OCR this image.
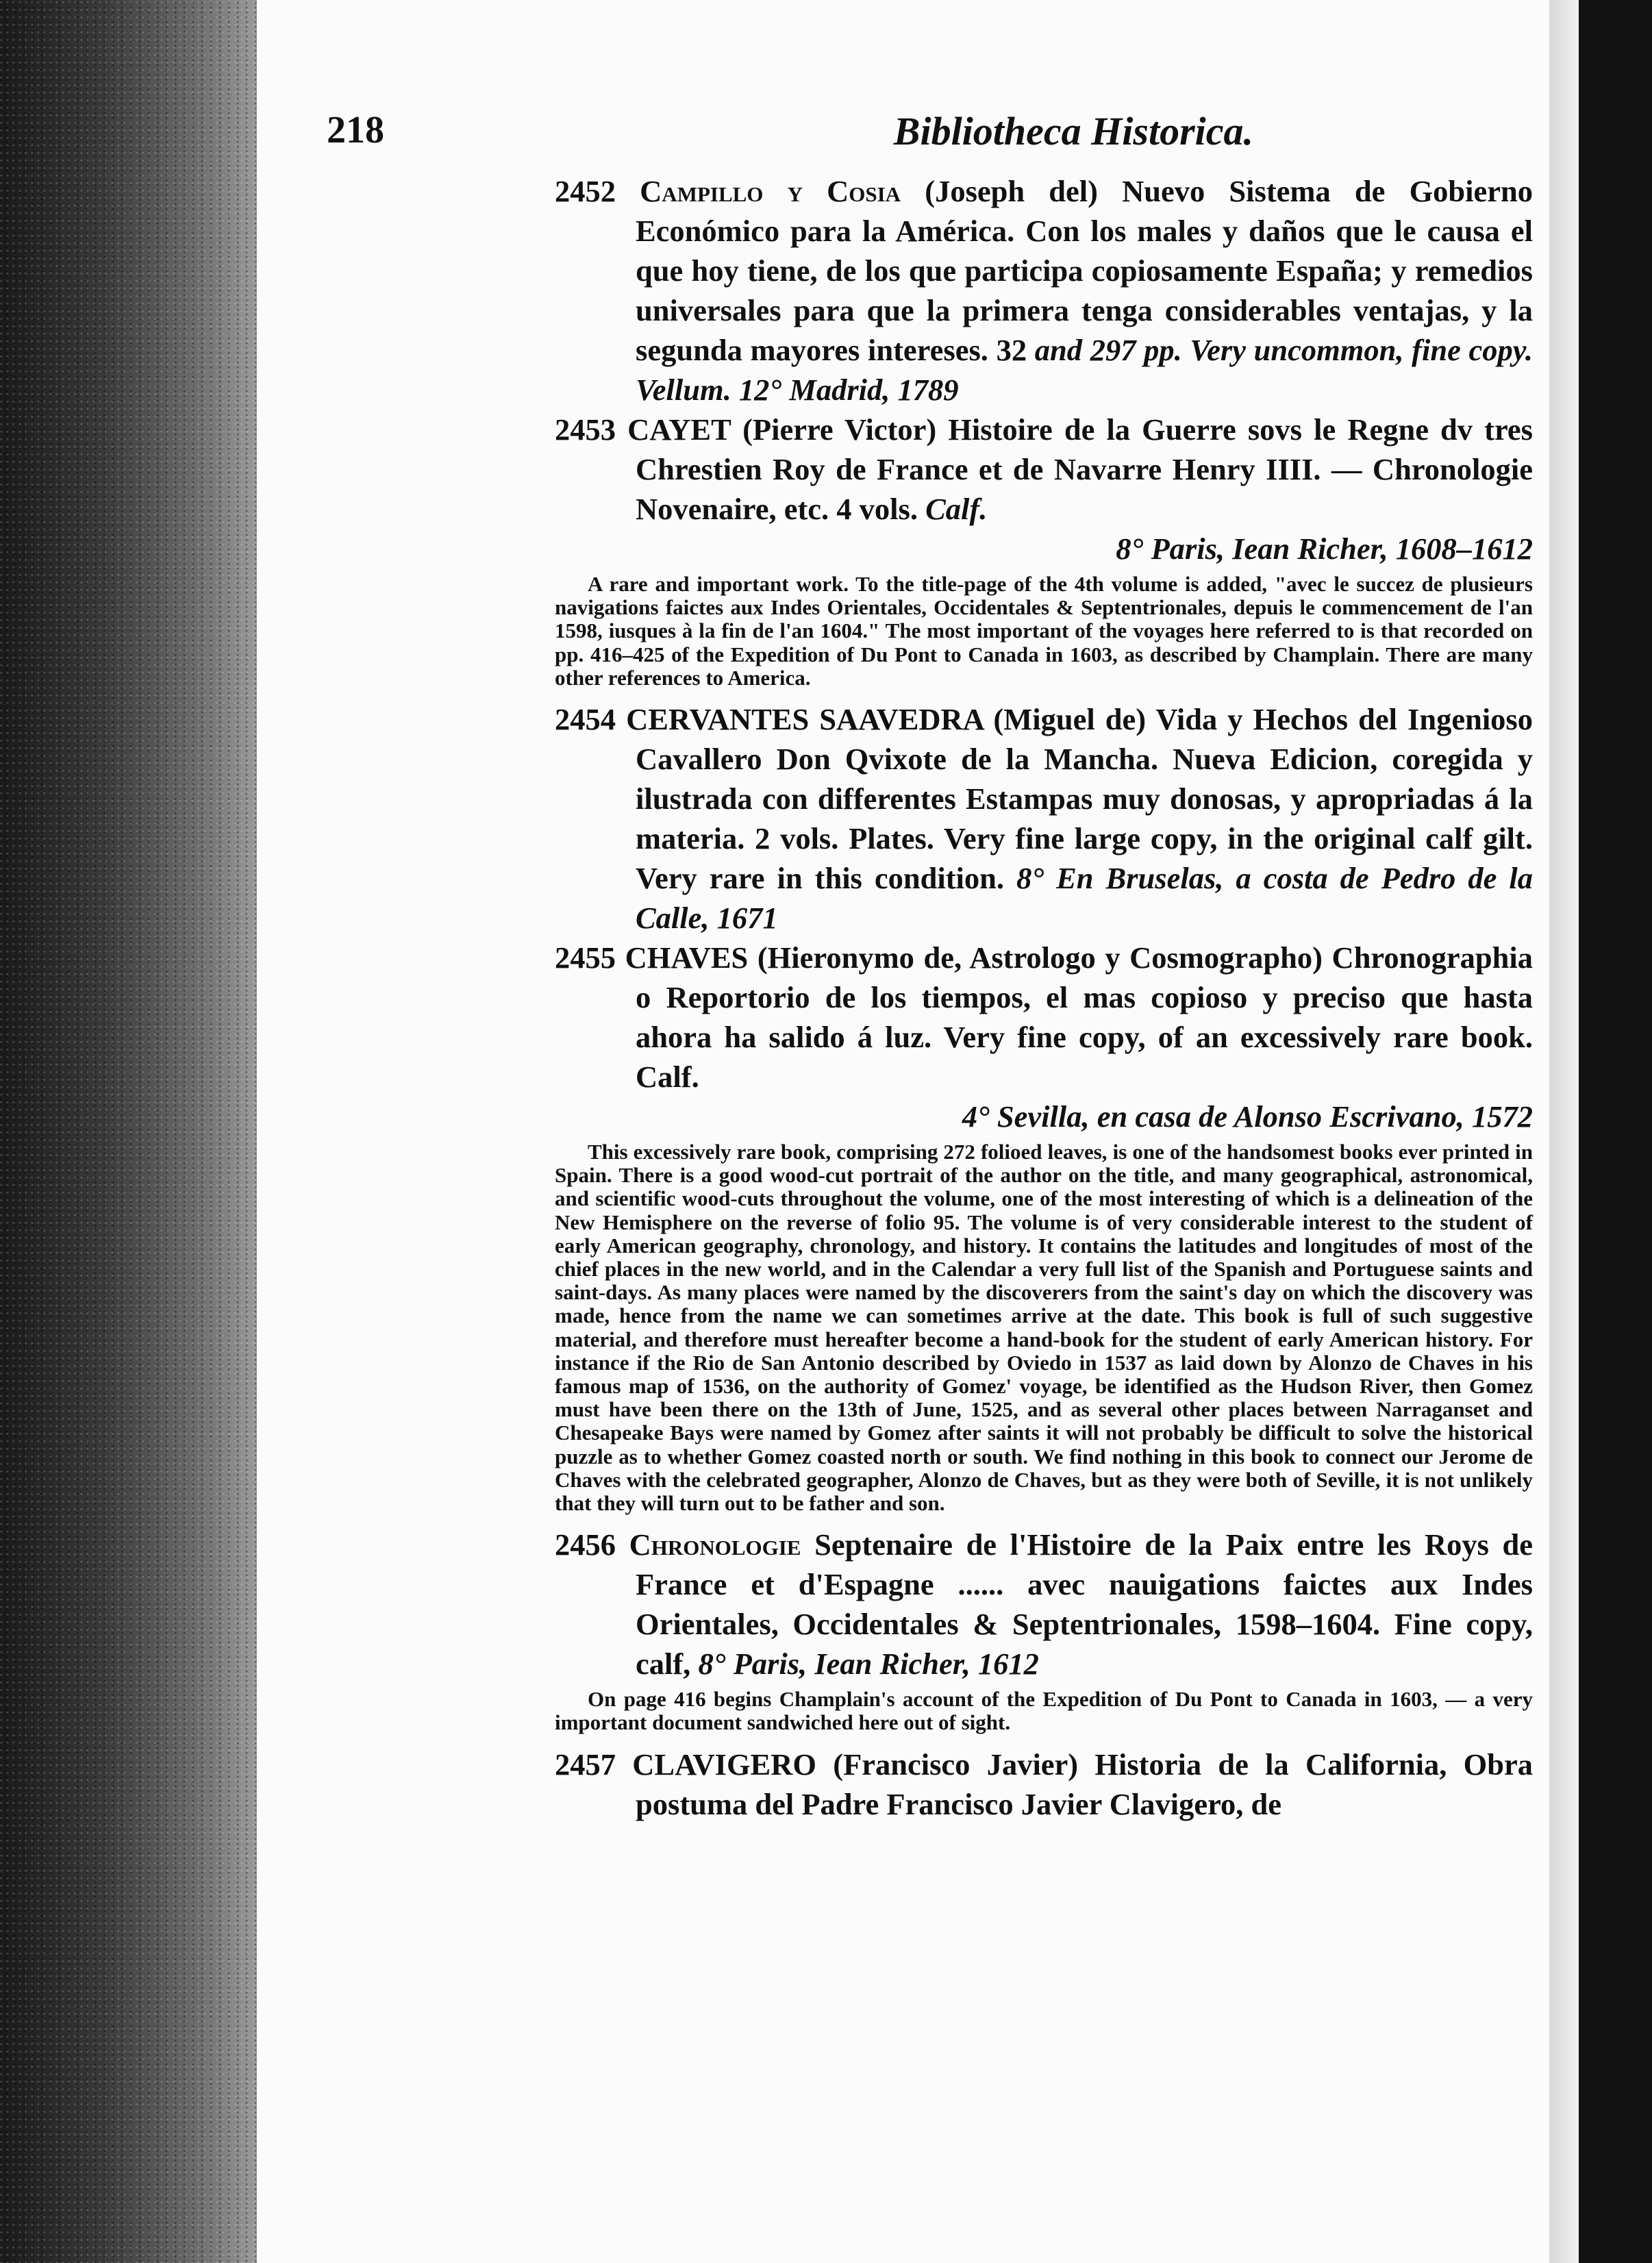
2
2
2
218	Bibliotheca Historica.

2452 Campillo y Cosia (Joseph del) Nuevo Sistema de Gobierno Económico para la América. Con los males y daños que le causa el que hoy tiene, de los que participa copiosamente España; y remedios universales para que la primera tenga considerables ventajas, y la segunda mayores intereses. 32 and 297 pp. Very uncommon, fine copy. Vellum. 12° Madrid, 1789

2453 CAYET (Pierre Victor) Histoire de la Guerre sovs le Regne dv tres Chrestien Roy de France et de Navarre Henry IIII. — Chronologie Novenaire, etc. 4 vols. Calf.

8° Paris, Iean Richer, 1608–1612
A rare and important work. To the title-page of the 4th volume is added, "avec le succez de plusieurs navigations faictes aux Indes Orientales, Occidentales & Septentrionales, depuis le commencement de l'an 1598, iusques à la fin de l'an 1604." The most important of the voyages here referred to is that recorded on pp. 416–425 of the Expedition of Du Pont to Canada in 1603, as described by Champlain. There are many other references to America.

2454 CERVANTES SAAVEDRA (Miguel de) Vida y Hechos del Ingenioso Cavallero Don Qvixote de la Mancha. Nueva Edicion, coregida y ilustrada con differentes Estampas muy donosas, y apropriadas á la materia. 2 vols. Plates. Very fine large copy, in the original calf gilt. Very rare in this condition. 8° En Bruselas, a costa de Pedro de la Calle, 1671

2455 CHAVES (Hieronymo de, Astrologo y Cosmographo) Chronographia o Reportorio de los tiempos, el mas copioso y preciso que hasta ahora ha salido á luz. Very fine copy, of an excessively rare book. Calf.

4° Sevilla, en casa de Alonso Escrivano, 1572
This excessively rare book, comprising 272 folioed leaves, is one of the handsomest books ever printed in Spain. There is a good wood-cut portrait of the author on the title, and many geographical, astronomical, and scientific wood-cuts throughout the volume, one of the most interesting of which is a delineation of the New Hemisphere on the reverse of folio 95. The volume is of very considerable interest to the student of early American geography, chronology, and history. It contains the latitudes and longitudes of most of the chief places in the new world, and in the Calendar a very full list of the Spanish and Portuguese saints and saint-days. As many places were named by the discoverers from the saint's day on which the discovery was made, hence from the name we can sometimes arrive at the date. This book is full of such suggestive material, and therefore must hereafter become a hand-book for the student of early American history. For instance if the Rio de San Antonio described by Oviedo in 1537 as laid down by Alonzo de Chaves in his famous map of 1536, on the authority of Gomez' voyage, be identified as the Hudson River, then Gomez must have been there on the 13th of June, 1525, and as several other places between Narraganset and Chesapeake Bays were named by Gomez after saints it will not probably be difficult to solve the historical puzzle as to whether Gomez coasted north or south. We find nothing in this book to connect our Jerome de Chaves with the celebrated geographer, Alonzo de Chaves, but as they were both of Seville, it is not unlikely that they will turn out to be father and son.

2456 Chronologie Septenaire de l'Histoire de la Paix entre les Roys de France et d'Espagne ...... avec nauigations faictes aux Indes Orientales, Occidentales & Septentrionales, 1598–1604. Fine copy, calf, 8° Paris, Iean Richer, 1612

On page 416 begins Champlain's account of the Expedition of Du Pont to Canada in 1603, — a very important document sandwiched here out of sight.

2457 CLAVIGERO (Francisco Javier) Historia de la California, Obra postuma del Padre Francisco Javier Clavigero, de
